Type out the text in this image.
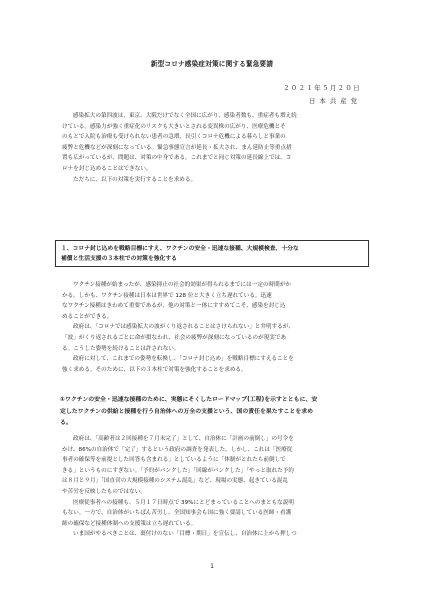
新型コロナ感染症対策に関する緊急要請
２０２１年５月２０日
日本共産党

感染拡大の第四波は、東京、大阪だけでなく全国に広がり、感染者数も、重症者も増え続

けている。感染力が強く重症化のリスクも大きいとされる変異株の広がり、医療危機とそ

のもとで入院も治療も受けられない患者の急増、長引くコロナ危機による暮らしと事業の

疲弊と危機などが深刻になっている。緊急事態宣言が延長・拡大され、まん延防止等重点措

置も広がっているが、問題は、対策の中身である。これまでと同じ対策の延長線上では、コ

ロナを封じ込めることはできない。

ただちに、以下の対策を実行することを求める。

１、コロナ封じ込めを戦略目標にすえ、ワクチンの安全・迅速な接種、大規模検査、十分な

補償と生活支援の３本柱での対策を強化する

ワクチン接種が始まったが、感染抑止の社会的効果が得られるまでには一定の時間がか

かる。しかも、ワクチン接種は日本は世界で 128 位と大きく立ち遅れている。迅速

なワクチン接種はきわめて重要であるが、他の対策と一体にすすめてこそ、感染を封じ込

めることができる。

政府は、「コロナでは感染拡大の波がくり返されることはさけられない」と弁明するが、

「波」がくり返されるごとに命が損なわれ、社会の疲弊が深刻になっているのが現実であ

る。こうした姿勢を続けることは許されない。

政府に対して、これまでの姿勢を転換し、「コロナ封じ込め」を戦略目標にすえることを

強く求める。そのために、以下の３本柱で対策を強化することを求める。

①ワクチンの安全・迅速な接種のために、実態にそくしたロードマップ(工程)を示すとともに、安

定したワクチンの供給と接種を行う自治体への万全の支援という、国の責任を果たすことを求め

る。

政府は、「高齢者は２回接種を７月末完了」として、自治体に「計画の前倒し」の号令を

かけ、86%の自治体で「完了」するという政府の調査を発表した。しかし、これは「医療従

事者の確保等を前提とした回答も含まれる」としているように「体制がとれたら前倒しで

きる」というものにすぎない。「予約がパンクした」「回線がパンクした」「やっと取れた予約

は８月と９月」「国直営の大規模接種のシステム混乱」など、現場の実態、起きている混乱

や苦労を反映したものではない。

医療従事者への接種も、５月１７日時点で 39%にとどまっていることへのまともな説明

もない。一方で、自治体がいちばん苦労し、全国知事会も国に強く要請している医師・看護

師の確保など接種体制への支援策は立ち遅れている。

いま国がやるべきことは、裏付けのない「目標・期日」を宣伝し、自治体に上から押しつ

1
